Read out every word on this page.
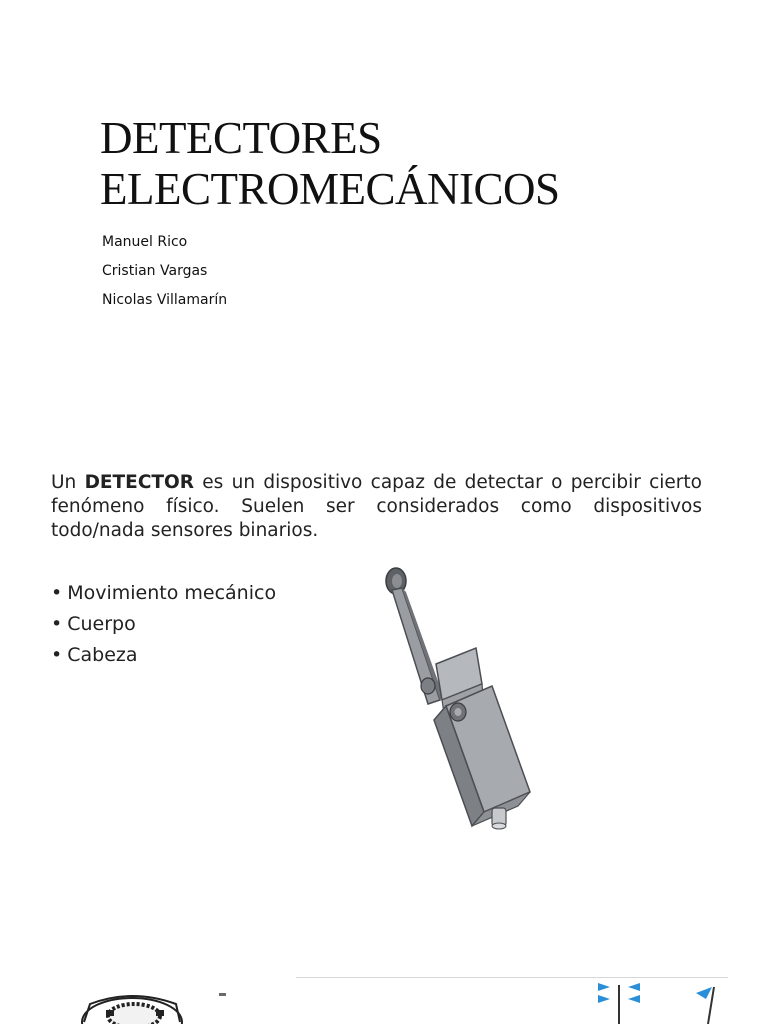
DETECTORES
ELECTROMECÁNICOS
Manuel Rico
Cristian Vargas
Nicolas Villamarín

Un DETECTOR es un dispositivo capaz de detectar o percibir cierto fenómeno físico. Suelen ser considerados como dispositivos todo/nada sensores binarios.

• Movimiento mecánico
• Cuerpo
• Cabeza
